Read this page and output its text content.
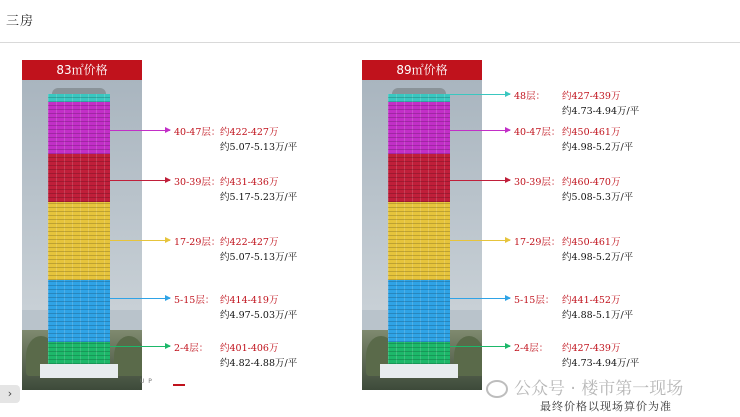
三房
83㎡价格	89㎡价格
40-47层： 约422-427万
约5.07-5.13万/平
30-39层： 约431-436万
约5.17-5.23万/平
17-29层： 约422-427万
约5.07-5.13万/平
5-15层： 约414-419万
约4.97-5.03万/平
2-4层： 约401-406万
约4.82-4.88万/平
48层： 约427-439万
约4.73-4.94万/平
40-47层： 约450-461万
约4.98-5.2万/平
30-39层： 约460-470万
约5.08-5.3万/平
17-29层： 约450-461万
约4.98-5.2万/平
5-15层： 约441-452万
约4.88-5.1万/平
2-4层： 约427-439万
约4.73-4.94万/平
›
U P	公众号 · 楼市第一现场
最终价格以现场算价为准
